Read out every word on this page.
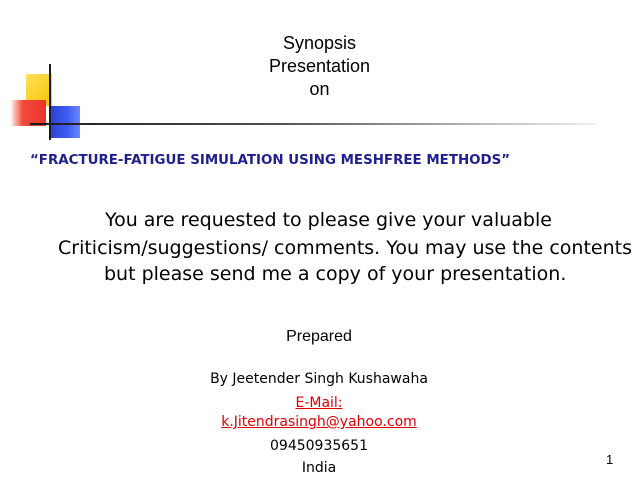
Synopsis
Presentation
on
“FRACTURE-FATIGUE SIMULATION USING MESHFREE METHODS”
You are requested to please give your valuable
Criticism/suggestions/ comments. You may use the contents
but please send me a copy of your presentation.
Prepared
By Jeetender Singh Kushawaha
E-Mail:
k.Jitendrasingh@yahoo.com
09450935651
India
1
